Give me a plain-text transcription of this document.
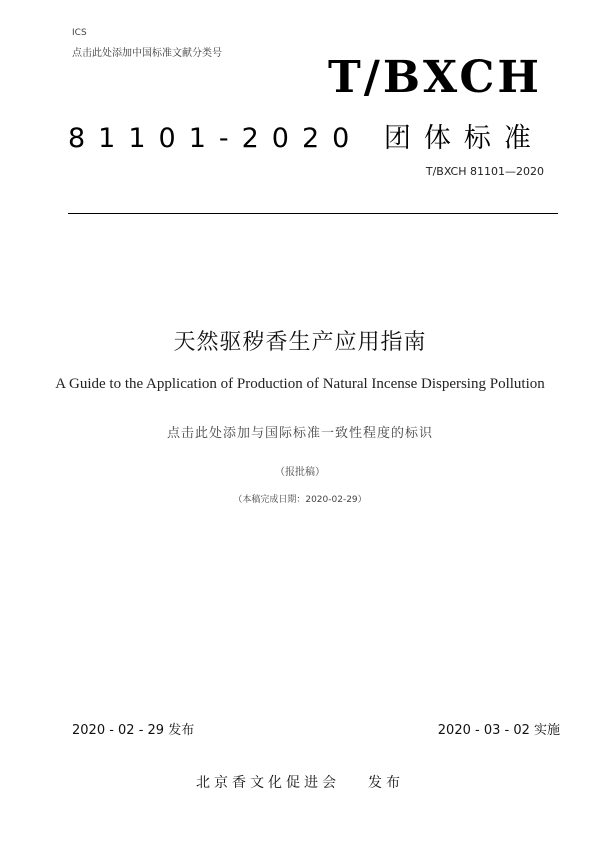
ICS
点击此处添加中国标准文献分类号 T/BXCH
81101-2020 团体标准
T/BXCH 81101—2020
天然驱秽香生产应用指南
A Guide to the Application of Production of Natural Incense Dispersing Pollution
点击此处添加与国际标准一致性程度的标识
（报批稿）
（本稿完成日期：2020-02-29）
2020 - 02 - 29 发布	2020 - 03 - 02 实施
北京香文化促进会 发布
